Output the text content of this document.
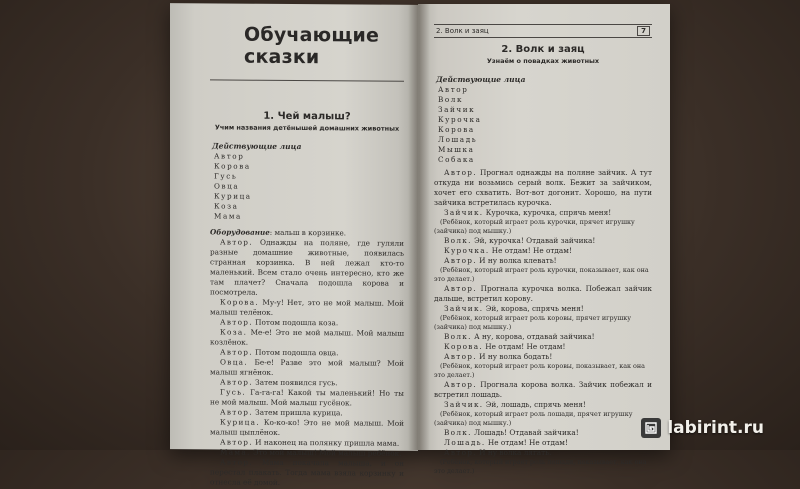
Обучающие сказки
1. Чей малыш?
Учим названия детёнышей домашних животных
Действующие лица
Автор
Корова
Гусь
Овца
Курица
Коза
Мама
Оборудование: мальш в корзинке.

Автор. Однажды на поляне, где гуляли разные домашние животные, появилась странная корзинка. В ней лежал кто-то маленький. Всем стало очень интересно, кто же там плачет? Сначала подошла корова и посмотрела.

Корова. Му-у! Нет, это не мой малыш. Мой малыш телёнок.

Автор. Потом подошла коза.

Коза. Ме-е! Это не мой малыш. Мой малыш козлёнок.

Автор. Потом подошла овца.

Овца. Бе-е! Разве это мой малыш? Мой малыш ягнёнок.

Автор. Затем появился гусь.

Гусь. Га-га-га! Какой ты маленький! Но ты не мой малыш. Мой малыш гусёнок.

Автор. Затем пришла курица.

Курица. Ко-ко-ко! Это не мой малыш. Мой малыш цыплёнок.

Автор. И наконец на полянку пришла мама.

Мама. Это мой малыш! Мой малыш ребёнок.

Автор. Мама покачала малыша, и он перестал плакать. Тогда мама взяла корзинку и отнесла её домой.

2. Волк и заяц	7
2. Волк и заяц
Узнаём о повадках животных
Действующие лица
Автор
Волк
Зайчик
Курочка
Корова
Лошадь
Мышка
Собака

Автор. Прогнал однажды на поляне зайчик. А тут откуда ни возьмись серый волк. Бежит за зайчиком, хочет его схватить. Вот-вот догонит. Хорошо, на пути зайчика встретилась курочка.

Зайчик. Курочка, курочка, спрячь меня!

(Ребёнок, который играет роль курочки, прячет игрушку (зайчика) под мышку.)

Волк. Эй, курочка! Отдавай зайчика!

Курочка. Не отдам! Не отдам!

Автор. И ну волка клевать!

(Ребёнок, который играет роль курочки, показывает, как она это делает.)

Автор. Прогнала курочка волка. Побежал зайчик дальше, встретил корову.

Зайчик. Эй, корова, спрячь меня!

(Ребёнок, который играет роль коровы, прячет игрушку (зайчика) под мышку.)

Волк. А ну, корова, отдавай зайчика!

Корова. Не отдам! Не отдам!

Автор. И ну волка бодать!

(Ребёнок, который играет роль коровы, показывает, как она это делает.)

Автор. Прогнала корова волка. Зайчик побежал и встретил лошадь.

Зайчик. Эй, лошадь, спрячь меня!

(Ребёнок, который играет роль лошади, прячет игрушку (зайчика) под мышку.)

Волк. Лошадь! Отдавай зайчика!

Лошадь. Не отдам! Не отдам!

Автор. И ну волка лягать.

(Ребёнок, который играет роль лошади, показывает, как она это делает.)

labirint.ru
